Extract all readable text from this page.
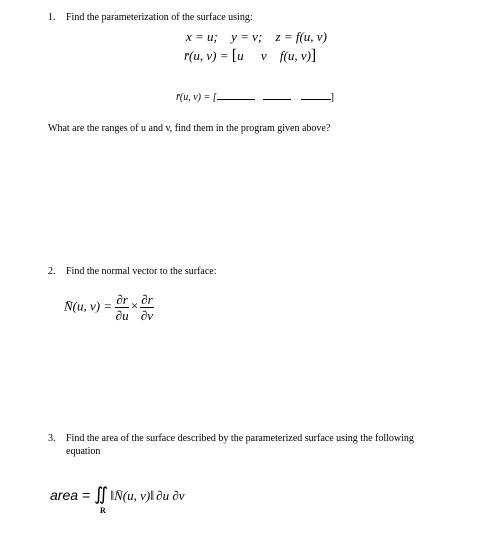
1. Find the parameterization of the surface using:
x = u; y = v; z = f(u, v)
r̄(u, v) = [u v f(u, v)]
r̄(u, v) = [	]
What are the ranges of u and v, find them in the program given above?
2. Find the normal vector to the surface:
N̄(u, $v) = \frac{\partial r}{\partial u} \times \frac{\partial r}{\partial v}$
3. Find the area of the surface described by the parameterized surface using the following
equation
area = ∬
R
‖N̄(u, v)‖ ∂u ∂v
